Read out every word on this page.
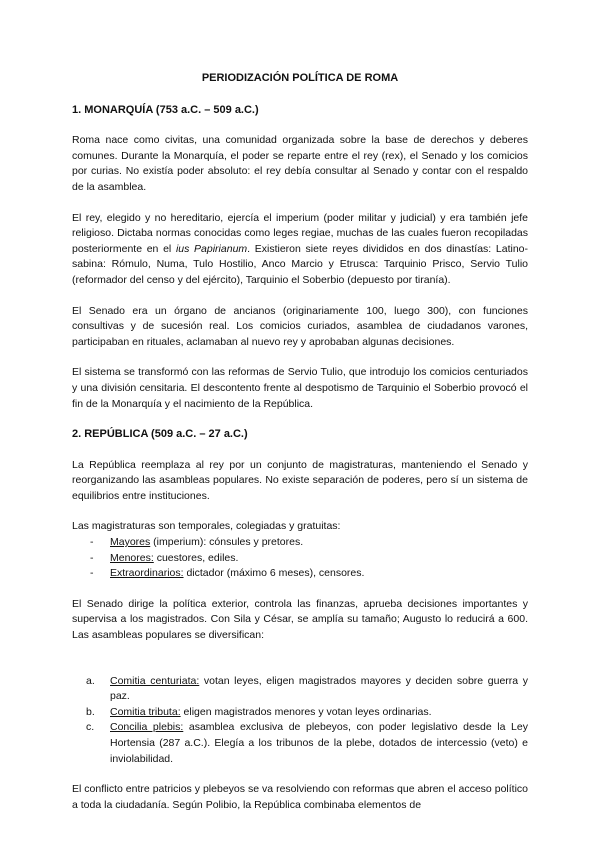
PERIODIZACIÓN POLÍTICA DE ROMA
1. MONARQUÍA (753 a.C. – 509 a.C.)

Roma nace como civitas, una comunidad organizada sobre la base de derechos y deberes comunes. Durante la Monarquía, el poder se reparte entre el rey (rex), el Senado y los comicios por curias. No existía poder absoluto: el rey debía consultar al Senado y contar con el respaldo de la asamblea.

El rey, elegido y no hereditario, ejercía el imperium (poder militar y judicial) y era también jefe religioso. Dictaba normas conocidas como leges regiae, muchas de las cuales fueron recopiladas posteriormente en el ius Papirianum. Existieron siete reyes divididos en dos dinastías: Latino-sabina: Rómulo, Numa, Tulo Hostilio, Anco Marcio y Etrusca: Tarquinio Prisco, Servio Tulio (reformador del censo y del ejército), Tarquinio el Soberbio (depuesto por tiranía).

El Senado era un órgano de ancianos (originariamente 100, luego 300), con funciones consultivas y de sucesión real. Los comicios curiados, asamblea de ciudadanos varones, participaban en rituales, aclamaban al nuevo rey y aprobaban algunas decisiones.

El sistema se transformó con las reformas de Servio Tulio, que introdujo los comicios centuriados y una división censitaria. El descontento frente al despotismo de Tarquinio el Soberbio provocó el fin de la Monarquía y el nacimiento de la República.

2. REPÚBLICA (509 a.C. – 27 a.C.)

La República reemplaza al rey por un conjunto de magistraturas, manteniendo el Senado y reorganizando las asambleas populares. No existe separación de poderes, pero sí un sistema de equilibrios entre instituciones.

Las magistraturas son temporales, colegiadas y gratuitas:

- Mayores (imperium): cónsules y pretores.
- Menores: cuestores, ediles.
- Extraordinarios: dictador (máximo 6 meses), censores.

El Senado dirige la política exterior, controla las finanzas, aprueba decisiones importantes y supervisa a los magistrados. Con Sila y César, se amplía su tamaño; Augusto lo reducirá a 600. Las asambleas populares se diversifican:

a. Comitia centuriata: votan leyes, eligen magistrados mayores y deciden sobre guerra y paz.
b. Comitia tributa: eligen magistrados menores y votan leyes ordinarias.
c. Concilia plebis: asamblea exclusiva de plebeyos, con poder legislativo desde la Ley Hortensia (287 a.C.). Elegía a los tribunos de la plebe, dotados de intercessio (veto) e inviolabilidad.

El conflicto entre patricios y plebeyos se va resolviendo con reformas que abren el acceso político a toda la ciudadanía. Según Polibio, la República combinaba elementos de
